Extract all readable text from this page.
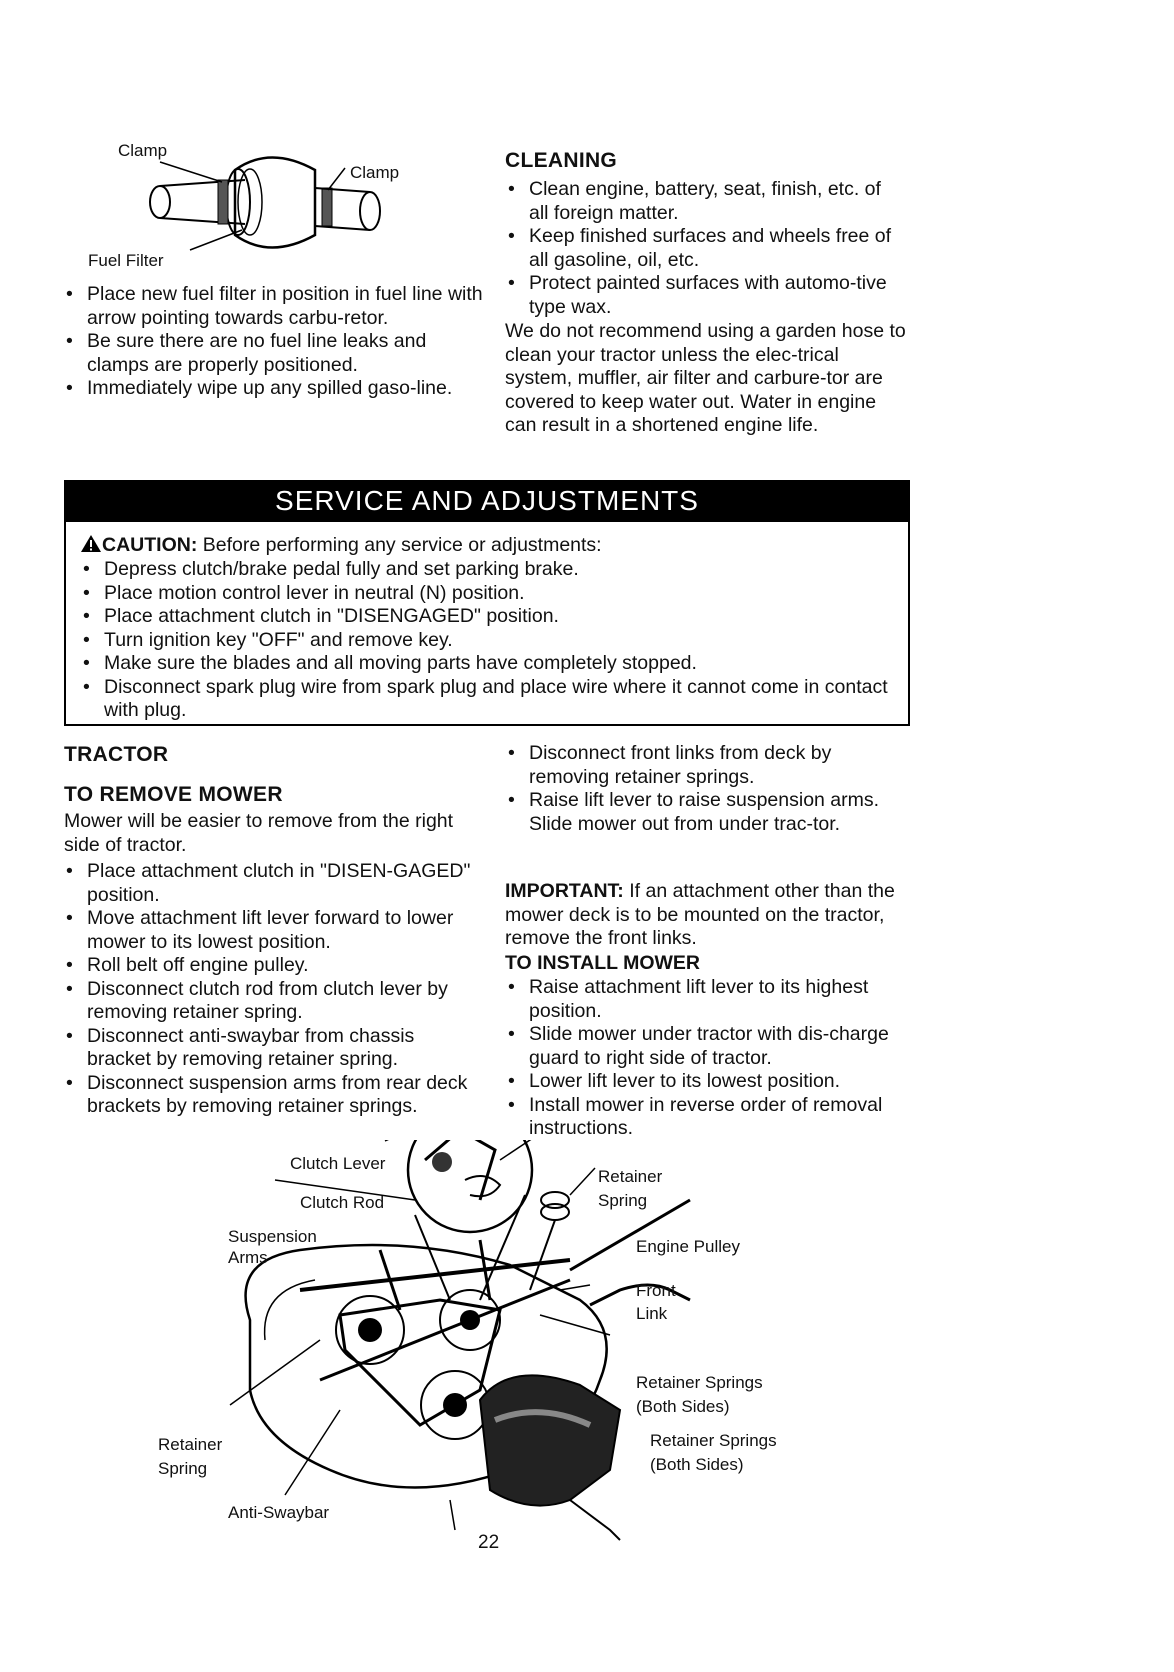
Clamp
Clamp
Fuel Filter
• Place new fuel filter in position in fuel line with arrow pointing towards carbu-retor.
• Be sure there are no fuel line leaks and clamps are properly positioned.
• Immediately wipe up any spilled gaso-line.
CLEANING
• Clean engine, battery, seat, finish, etc. of all foreign matter.
• Keep finished surfaces and wheels free of all gasoline, oil, etc.
• Protect painted surfaces with automo-tive type wax.
We do not recommend using a garden hose to clean your tractor unless the elec-trical system, muffler, air filter and carbure-tor are covered to keep water out. Water in engine can result in a shortened engine life.
SERVICE AND ADJUSTMENTS
CAUTION: Before performing any service or adjustments:
• Depress clutch/brake pedal fully and set parking brake.
• Place motion control lever in neutral (N) position.
• Place attachment clutch in "DISENGAGED" position.
• Turn ignition key "OFF" and remove key.
• Make sure the blades and all moving parts have completely stopped.
• Disconnect spark plug wire from spark plug and place wire where it cannot come in contact with plug.
TRACTOR
TO REMOVE MOWER
Mower will be easier to remove from the right side of tractor.
• Place attachment clutch in "DISEN-GAGED" position.
• Move attachment lift lever forward to lower mower to its lowest position.
• Roll belt off engine pulley.
• Disconnect clutch rod from clutch lever by removing retainer spring.
• Disconnect anti-swaybar from chassis bracket by removing retainer spring.
• Disconnect suspension arms from rear deck brackets by removing retainer springs.
• Disconnect front links from deck by removing retainer springs.
• Raise lift lever to raise suspension arms. Slide mower out from under trac-tor.
IMPORTANT: If an attachment other than the mower deck is to be mounted on the tractor, remove the front links.
TO INSTALL MOWER
• Raise attachment lift lever to its highest position.
• Slide mower under tractor with dis-charge guard to right side of tractor.
• Lower lift lever to its lowest position.
• Install mower in reverse order of removal instructions.
Clutch Lever
Clutch Rod
Suspension
Arms
Retainer
Spring
Engine Pulley
Front
Link
Retainer Springs
(Both Sides)
Retainer Springs
(Both Sides)
Retainer
Spring
Anti-Swaybar
22
